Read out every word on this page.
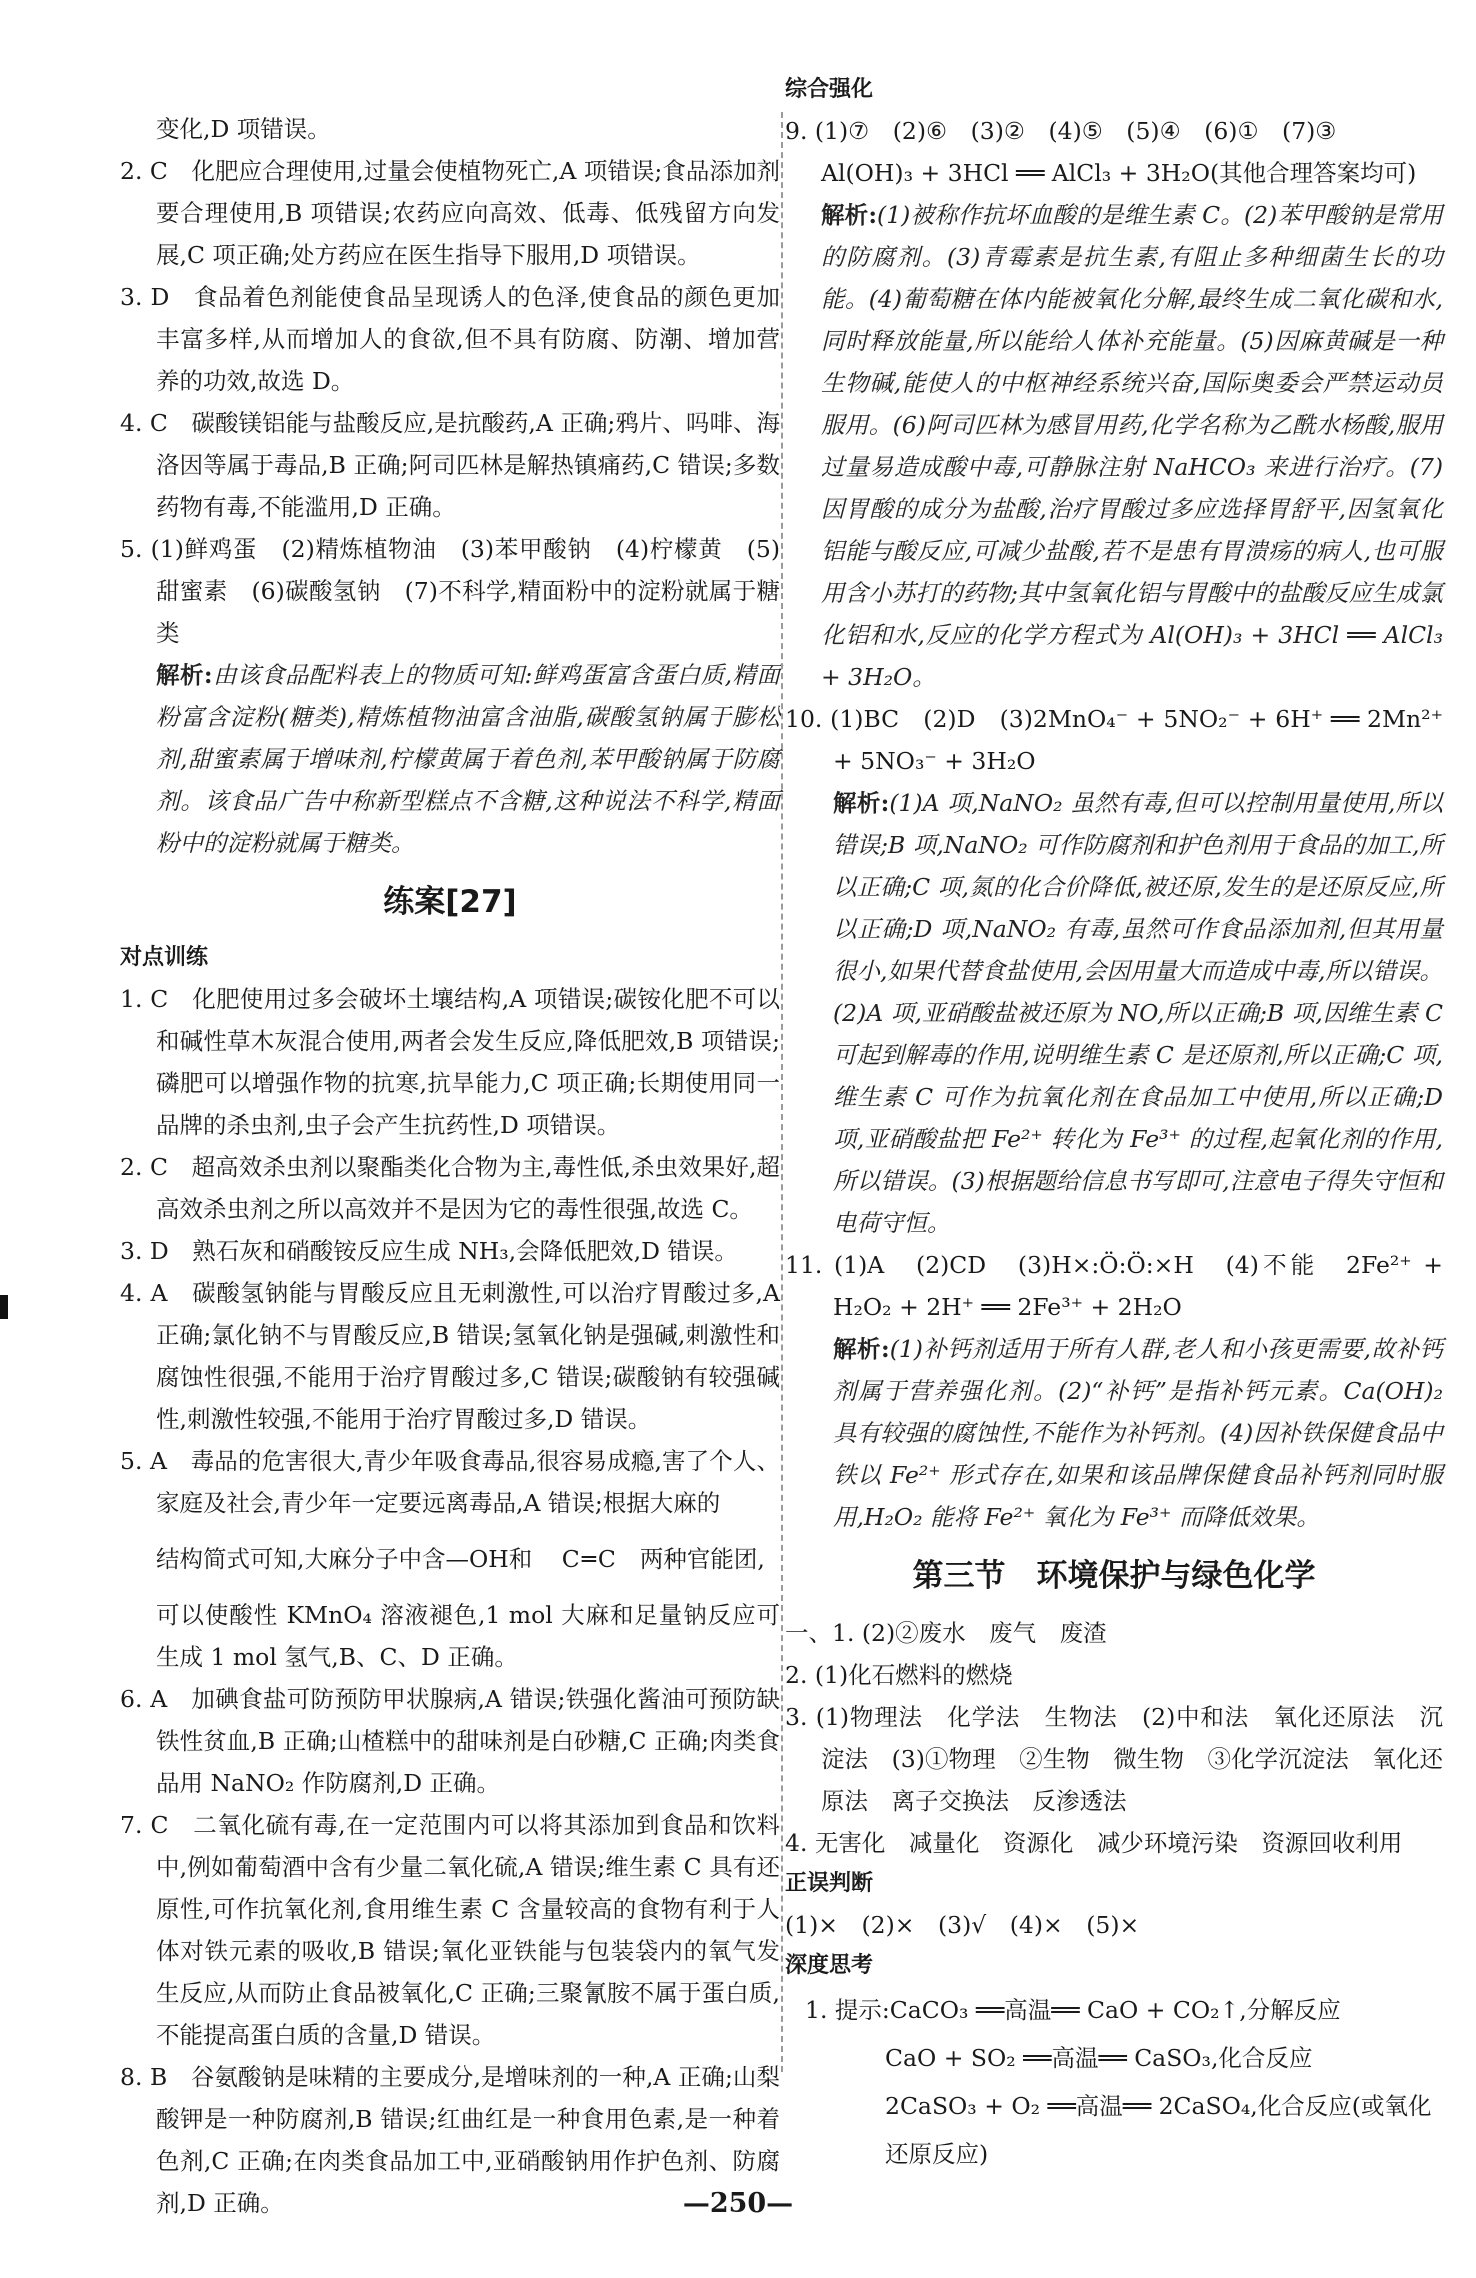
变化,D 项错误。

2. C　化肥应合理使用,过量会使植物死亡,A 项错误;食品添加剂要合理使用,B 项错误;农药应向高效、低毒、低残留方向发展,C 项正确;处方药应在医生指导下服用,D 项错误。

3. D　食品着色剂能使食品呈现诱人的色泽,使食品的颜色更加丰富多样,从而增加人的食欲,但不具有防腐、防潮、增加营养的功效,故选 D。

4. C　碳酸镁铝能与盐酸反应,是抗酸药,A 正确;鸦片、吗啡、海洛因等属于毒品,B 正确;阿司匹林是解热镇痛药,C 错误;多数药物有毒,不能滥用,D 正确。

5. (1)鲜鸡蛋　(2)精炼植物油　(3)苯甲酸钠　(4)柠檬黄　(5)甜蜜素　(6)碳酸氢钠　(7)不科学,精面粉中的淀粉就属于糖类

解析:由该食品配料表上的物质可知:鲜鸡蛋富含蛋白质,精面粉富含淀粉(糖类),精炼植物油富含油脂,碳酸氢钠属于膨松剂,甜蜜素属于增味剂,柠檬黄属于着色剂,苯甲酸钠属于防腐剂。该食品广告中称新型糕点不含糖,这种说法不科学,精面粉中的淀粉就属于糖类。

练案[27]

对点训练

1. C　化肥使用过多会破坏土壤结构,A 项错误;碳铵化肥不可以和碱性草木灰混合使用,两者会发生反应,降低肥效,B 项错误;磷肥可以增强作物的抗寒,抗旱能力,C 项正确;长期使用同一品牌的杀虫剂,虫子会产生抗药性,D 项错误。

2. C　超高效杀虫剂以聚酯类化合物为主,毒性低,杀虫效果好,超高效杀虫剂之所以高效并不是因为它的毒性很强,故选 C。

3. D　熟石灰和硝酸铵反应生成 NH₃,会降低肥效,D 错误。

4. A　碳酸氢钠能与胃酸反应且无刺激性,可以治疗胃酸过多,A 正确;氯化钠不与胃酸反应,B 错误;氢氧化钠是强碱,刺激性和腐蚀性很强,不能用于治疗胃酸过多,C 错误;碳酸钠有较强碱性,刺激性较强,不能用于治疗胃酸过多,D 错误。

5. A　毒品的危害很大,青少年吸食毒品,很容易成瘾,害了个人、家庭及社会,青少年一定要远离毒品,A 错误;根据大麻的

结构简式可知,大麻分子中含—OH和 C═C 两种官能团,

可以使酸性 KMnO₄ 溶液褪色,1 mol 大麻和足量钠反应可生成 1 mol 氢气,B、C、D 正确。

6. A　加碘食盐可防预防甲状腺病,A 错误;铁强化酱油可预防缺铁性贫血,B 正确;山楂糕中的甜味剂是白砂糖,C 正确;肉类食品用 NaNO₂ 作防腐剂,D 正确。

7. C　二氧化硫有毒,在一定范围内可以将其添加到食品和饮料中,例如葡萄酒中含有少量二氧化硫,A 错误;维生素 C 具有还原性,可作抗氧化剂,食用维生素 C 含量较高的食物有利于人体对铁元素的吸收,B 错误;氧化亚铁能与包装袋内的氧气发生反应,从而防止食品被氧化,C 正确;三聚氰胺不属于蛋白质,不能提高蛋白质的含量,D 错误。

8. B　谷氨酸钠是味精的主要成分,是增味剂的一种,A 正确;山梨酸钾是一种防腐剂,B 错误;红曲红是一种食用色素,是一种着色剂,C 正确;在肉类食品加工中,亚硝酸钠用作护色剂、防腐剂,D 正确。

综合强化

9. (1)⑦　(2)⑥　(3)②　(4)⑤　(5)④　(6)①　(7)③

Al(OH)₃ + 3HCl ══ AlCl₃ + 3H₂O(其他合理答案均可)

解析:(1)被称作抗坏血酸的是维生素 C。(2)苯甲酸钠是常用的防腐剂。(3)青霉素是抗生素,有阻止多种细菌生长的功能。(4)葡萄糖在体内能被氧化分解,最终生成二氧化碳和水,同时释放能量,所以能给人体补充能量。(5)因麻黄碱是一种生物碱,能使人的中枢神经系统兴奋,国际奥委会严禁运动员服用。(6)阿司匹林为感冒用药,化学名称为乙酰水杨酸,服用过量易造成酸中毒,可静脉注射 NaHCO₃ 来进行治疗。(7)因胃酸的成分为盐酸,治疗胃酸过多应选择胃舒平,因氢氧化铝能与酸反应,可减少盐酸,若不是患有胃溃疡的病人,也可服用含小苏打的药物;其中氢氧化铝与胃酸中的盐酸反应生成氯化铝和水,反应的化学方程式为 Al(OH)₃ + 3HCl ══ AlCl₃ + 3H₂O。

10. (1)BC　(2)D　(3)2MnO₄⁻ + 5NO₂⁻ + 6H⁺ ══ 2Mn²⁺ + 5NO₃⁻ + 3H₂O

解析:(1)A 项,NaNO₂ 虽然有毒,但可以控制用量使用,所以错误;B 项,NaNO₂ 可作防腐剂和护色剂用于食品的加工,所以正确;C 项,氮的化合价降低,被还原,发生的是还原反应,所以正确;D 项,NaNO₂ 有毒,虽然可作食品添加剂,但其用量很小,如果代替食盐使用,会因用量大而造成中毒,所以错误。(2)A 项,亚硝酸盐被还原为 NO,所以正确;B 项,因维生素 C 可起到解毒的作用,说明维生素 C 是还原剂,所以正确;C 项,维生素 C 可作为抗氧化剂在食品加工中使用,所以正确;D 项,亚硝酸盐把 Fe²⁺ 转化为 Fe³⁺ 的过程,起氧化剂的作用,所以错误。(3)根据题给信息书写即可,注意电子得失守恒和电荷守恒。

11. (1)A　(2)CD　(3)H×:Ö:Ö:×H　(4)不能　2Fe²⁺ + H₂O₂ + 2H⁺ ══ 2Fe³⁺ + 2H₂O

解析:(1)补钙剂适用于所有人群,老人和小孩更需要,故补钙剂属于营养强化剂。(2)“补钙”是指补钙元素。Ca(OH)₂ 具有较强的腐蚀性,不能作为补钙剂。(4)因补铁保健食品中铁以 Fe²⁺ 形式存在,如果和该品牌保健食品补钙剂同时服用,H₂O₂ 能将 Fe²⁺ 氧化为 Fe³⁺ 而降低效果。

第三节　环境保护与绿色化学

一、1. (2)②废水　废气　废渣

2. (1)化石燃料的燃烧

3. (1)物理法　化学法　生物法　(2)中和法　氧化还原法　沉淀法　(3)①物理　②生物　微生物　③化学沉淀法　氧化还原法　离子交换法　反渗透法

4. 无害化　减量化　资源化　减少环境污染　资源回收利用

正误判断

(1)×　(2)×　(3)√　(4)×　(5)×

深度思考

1. 提示:CaCO₃ ══高温══ CaO + CO₂↑,分解反应

CaO + SO₂ ══高温══ CaSO₃,化合反应

2CaSO₃ + O₂ ══高温══ 2CaSO₄,化合反应(或氧化还原反应)

—250—
